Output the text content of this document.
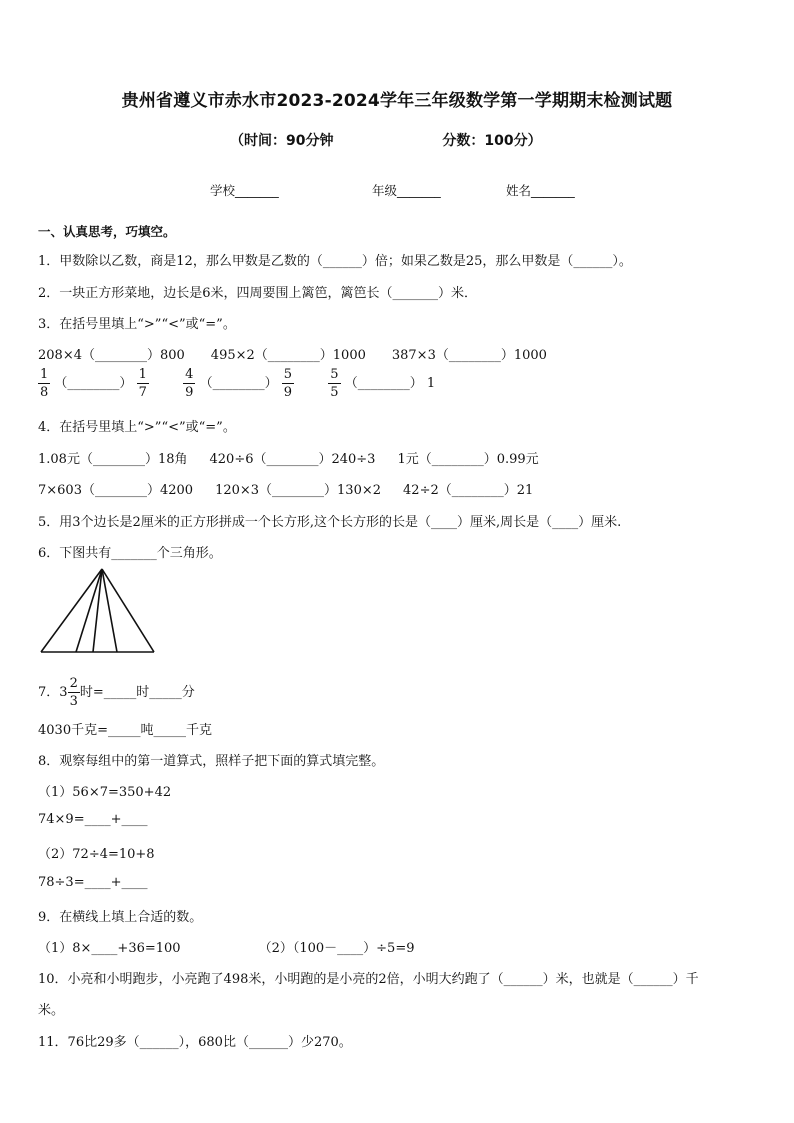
贵州省遵义市赤水市2023-2024学年三年级数学第一学期期末检测试题
（时间：90分钟	分数：100分）
学校_______	年级_______	姓名_______
一、认真思考，巧填空。
1．甲数除以乙数，商是12，那么甲数是乙数的（______）倍；如果乙数是25，那么甲数是（______）。
2．一块正方形菜地，边长是6米，四周要围上篱笆，篱笆长（_______）米．
3．在括号里填上“>”“<”或“=”。
208×4（________）800 495×2（________）1000 387×3（________）1000
$\frac{1}{8}$ （________） $\frac{1}{7}$
	$\frac{4}{9}$ （________） $\frac{5}{9}$
	$\frac{5}{5}$ （________） 1
4．在括号里填上“>”“<”或“=”。
1.08元（________）18角 420÷6（________）240÷3 1元（________）0.99元
7×603（________）4200 120×3（________）130×2 42÷2（________）21
5．用3个边长是2厘米的正方形拼成一个长方形,这个长方形的长是（____）厘米,周长是（____）厘米.
6．下图共有_______个三角形。
7．$3 \frac{2}{3}$ 时=_____时_____分
4030千克=_____吨_____千克
8．观察每组中的第一道算式，照样子把下面的算式填完整。
（1）56×7=350+42
74×9=____+____
（2）72÷4=10+8
78÷3=____+____
9．在横线上填上合适的数。
（1）8×____+36=100	（2）（100－____）÷5=9
10．小亮和小明跑步，小亮跑了498米，小明跑的是小亮的2倍，小明大约跑了（______）米，也就是（______）千
米。
11．76比29多（______），680比（______）少270。
